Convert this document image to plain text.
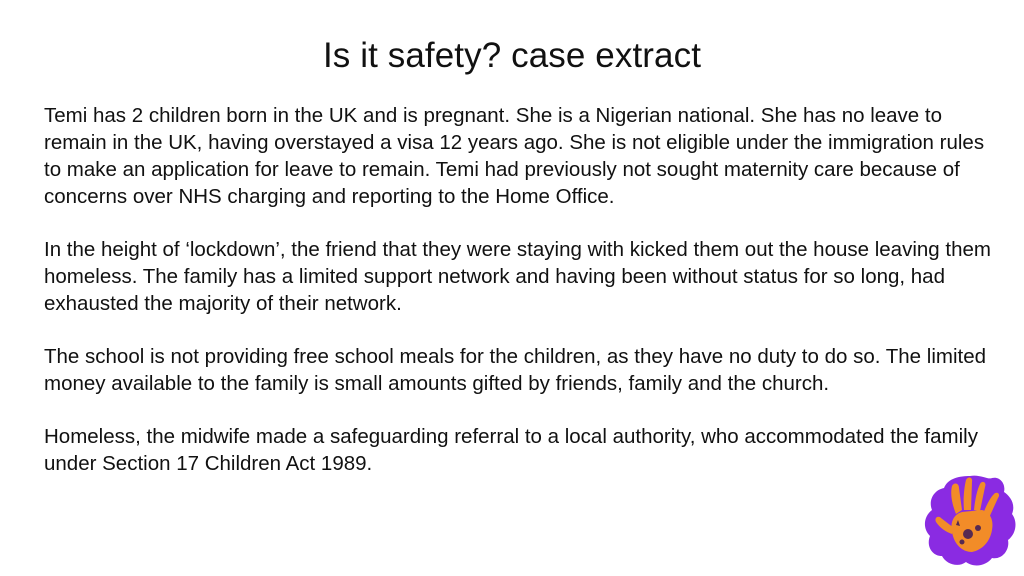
Is it safety? case extract

Temi has 2 children born in the UK and is pregnant. She is a Nigerian national. She has no leave to remain in the UK, having overstayed a visa 12 years ago. She is not eligible under the immigration rules to make an application for leave to remain. Temi had previously not sought maternity care because of concerns over NHS charging and reporting to the Home Office.

In the height of ‘lockdown’, the friend that they were staying with kicked them out the house leaving them homeless. The family has a limited support network and having been without status for so long, had exhausted the majority of their network.

The school is not providing free school meals for the children, as they have no duty to do so. The limited money available to the family is small amounts gifted by friends, family and the church.

Homeless, the midwife made a safeguarding referral to a local authority, who accommodated the family under Section 17 Children Act 1989.
